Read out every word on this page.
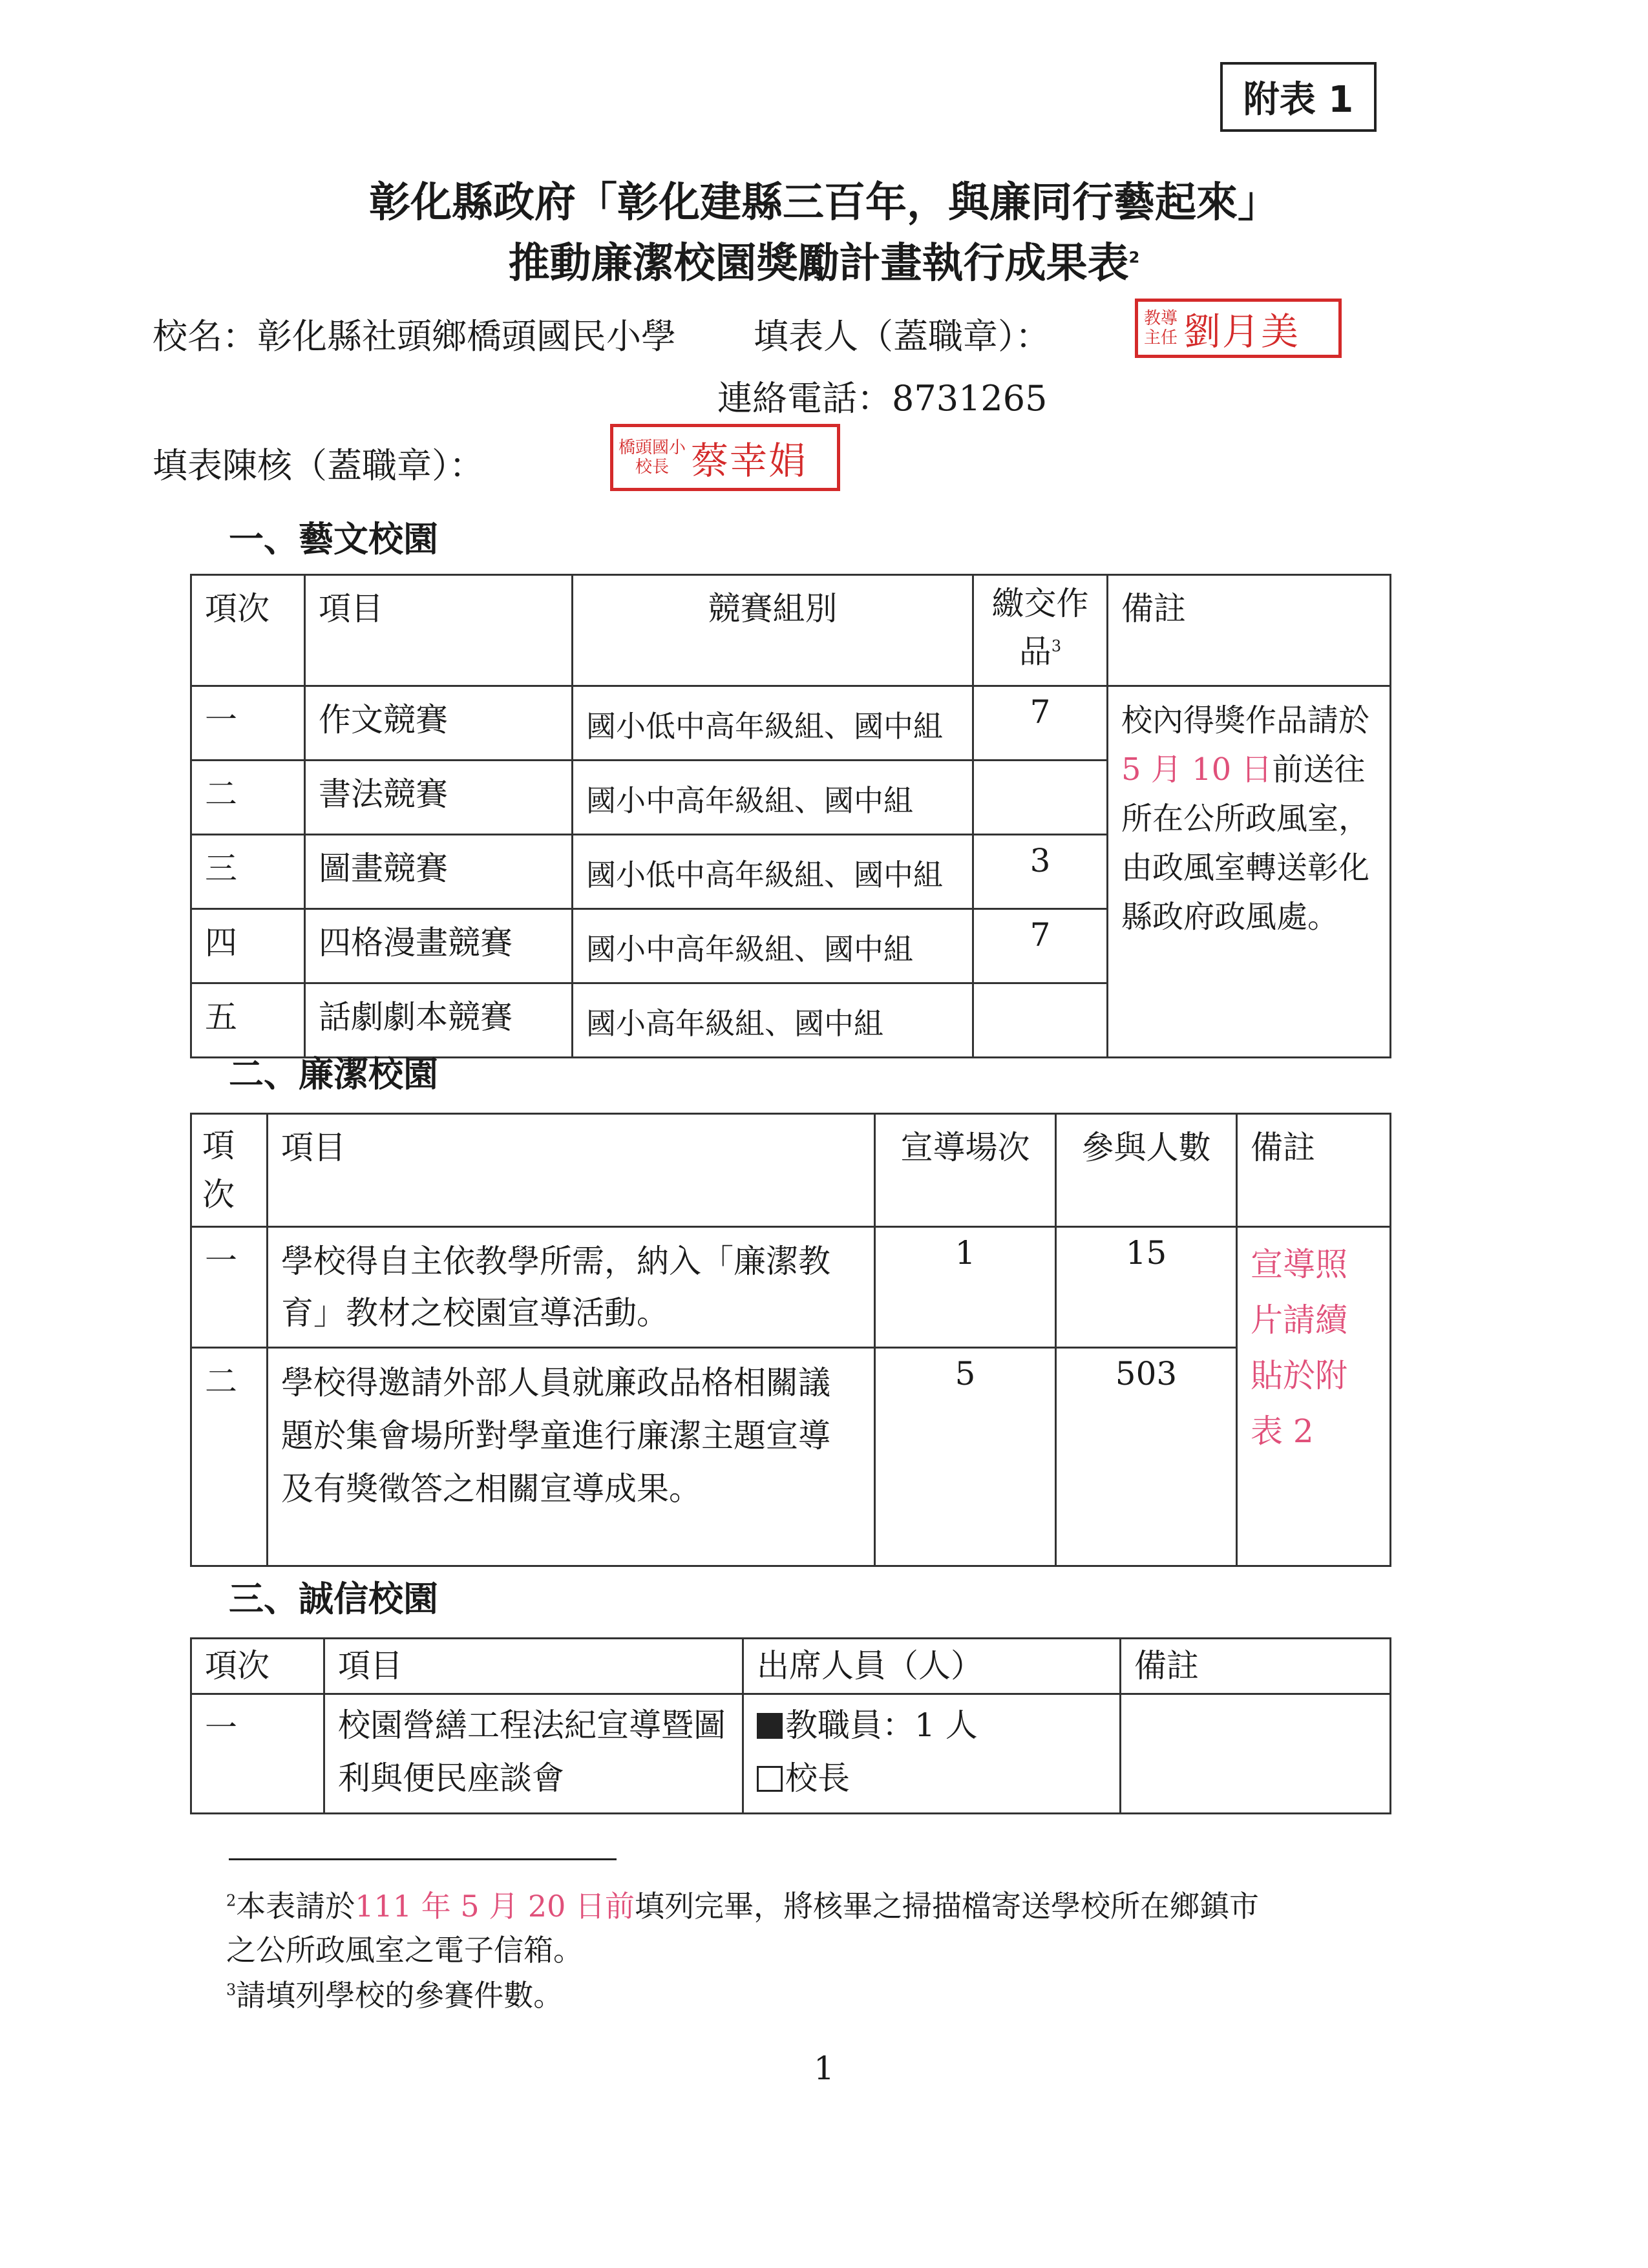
附表 1
彰化縣政府「彰化建縣三百年，與廉同行藝起來」
推動廉潔校園獎勵計畫執行成果表$^2$
校名：彰化縣社頭鄉橋頭國民小學 填表人（蓋職章）：	教導主任 劉月美
連絡電話：8731265
填表陳核（蓋職章）：	橋頭國小校長 蔡幸娟
一、藝文校園
項次	項目	競賽組別	繳交作品$^3$	備註
一	作文競賽	國小低中高年級組、國中組	7	校內得獎作品請於5 月 10 日前送往所在公所政風室，由政風室轉送彰化縣政府政風處。
二	書法競賽	國小中高年級組、國中組		
三	圖畫競賽	國小低中高年級組、國中組	3	
四	四格漫畫競賽	國小中高年級組、國中組	7	
五	話劇劇本競賽	國小高年級組、國中組		
二、廉潔校園
項次	項目	宣導場次	參與人數	備註
一	學校得自主依教學所需，納入「廉潔教育」教材之校園宣導活動。	1	15	宣導照片請續貼於附表 2
二	學校得邀請外部人員就廉政品格相關議題於集會場所對學童進行廉潔主題宣導及有獎徵答之相關宣導成果。	5	503	
三、誠信校園
項次	項目	出席人員（人）	備註
一	校園營繕工程法紀宣導暨圖利與便民座談會	教職員：1 人
校長	

$^2$本表請於111 年 5 月 20 日前填列完畢，將核畢之掃描檔寄送學校所在鄉鎮市
之公所政風室之電子信箱。
$^3$請填列學校的參賽件數。
1
